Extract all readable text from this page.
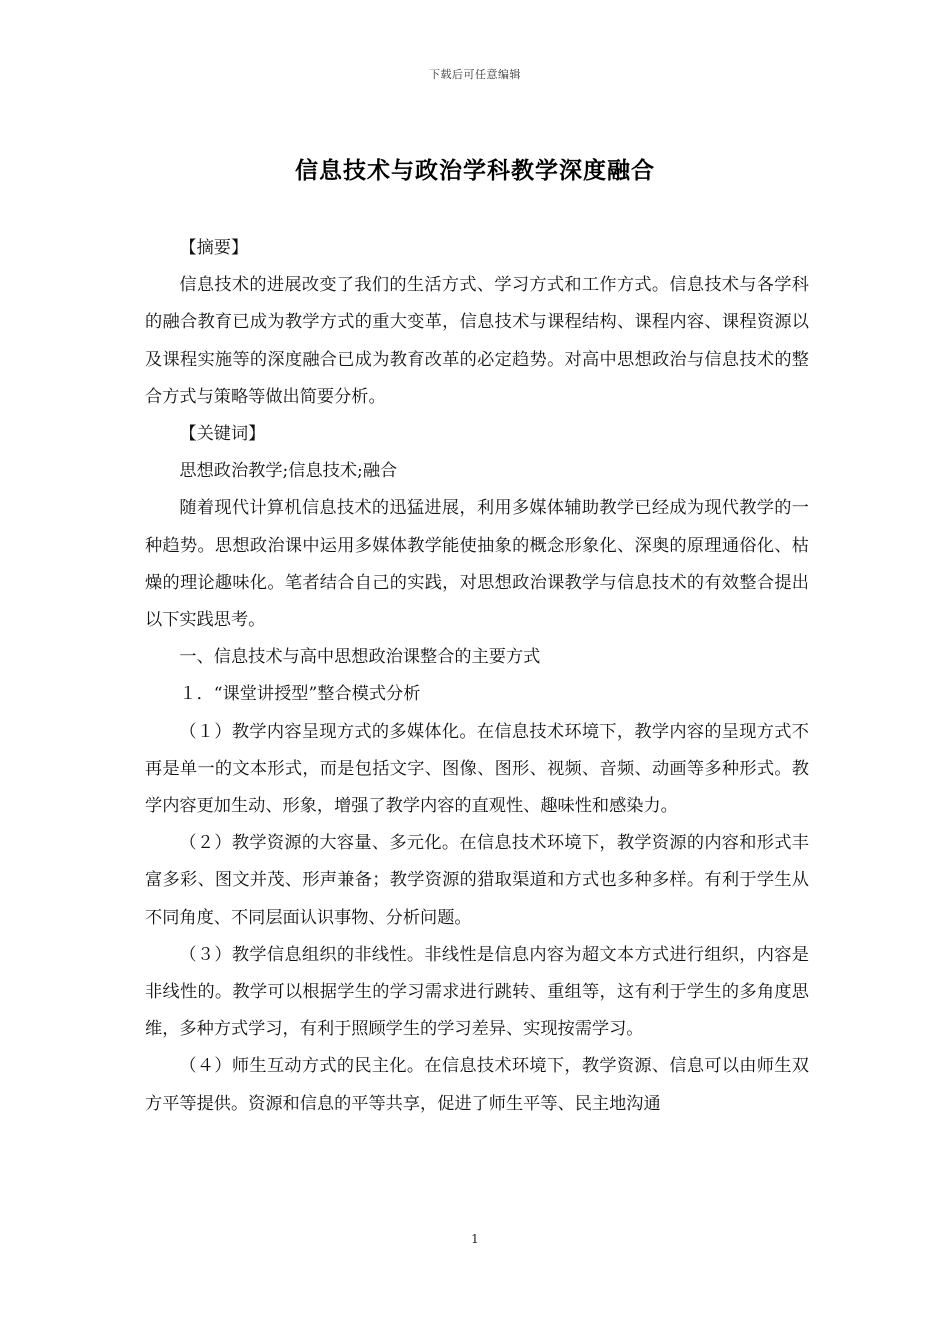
下载后可任意编辑
信息技术与政治学科教学深度融合

【摘要】

信息技术的进展改变了我们的生活方式、学习方式和工作方式。信息技术与各学科的融合教育已成为教学方式的重大变革，信息技术与课程结构、课程内容、课程资源以及课程实施等的深度融合已成为教育改革的必定趋势。对高中思想政治与信息技术的整合方式与策略等做出简要分析。

【关键词】

思想政治教学;信息技术;融合

随着现代计算机信息技术的迅猛进展，利用多媒体辅助教学已经成为现代教学的一种趋势。思想政治课中运用多媒体教学能使抽象的概念形象化、深奥的原理通俗化、枯燥的理论趣味化。笔者结合自己的实践，对思想政治课教学与信息技术的有效整合提出以下实践思考。

一、信息技术与高中思想政治课整合的主要方式

１．“课堂讲授型”整合模式分析

（１）教学内容呈现方式的多媒体化。在信息技术环境下，教学内容的呈现方式不再是单一的文本形式，而是包括文字、图像、图形、视频、音频、动画等多种形式。教学内容更加生动、形象，增强了教学内容的直观性、趣味性和感染力。

（２）教学资源的大容量、多元化。在信息技术环境下，教学资源的内容和形式丰富多彩、图文并茂、形声兼备；教学资源的猎取渠道和方式也多种多样。有利于学生从不同角度、不同层面认识事物、分析问题。

（３）教学信息组织的非线性。非线性是信息内容为超文本方式进行组织，内容是非线性的。教学可以根据学生的学习需求进行跳转、重组等，这有利于学生的多角度思维，多种方式学习，有利于照顾学生的学习差异、实现按需学习。

（４）师生互动方式的民主化。在信息技术环境下，教学资源、信息可以由师生双方平等提供。资源和信息的平等共享，促进了师生平等、民主地沟通

1
